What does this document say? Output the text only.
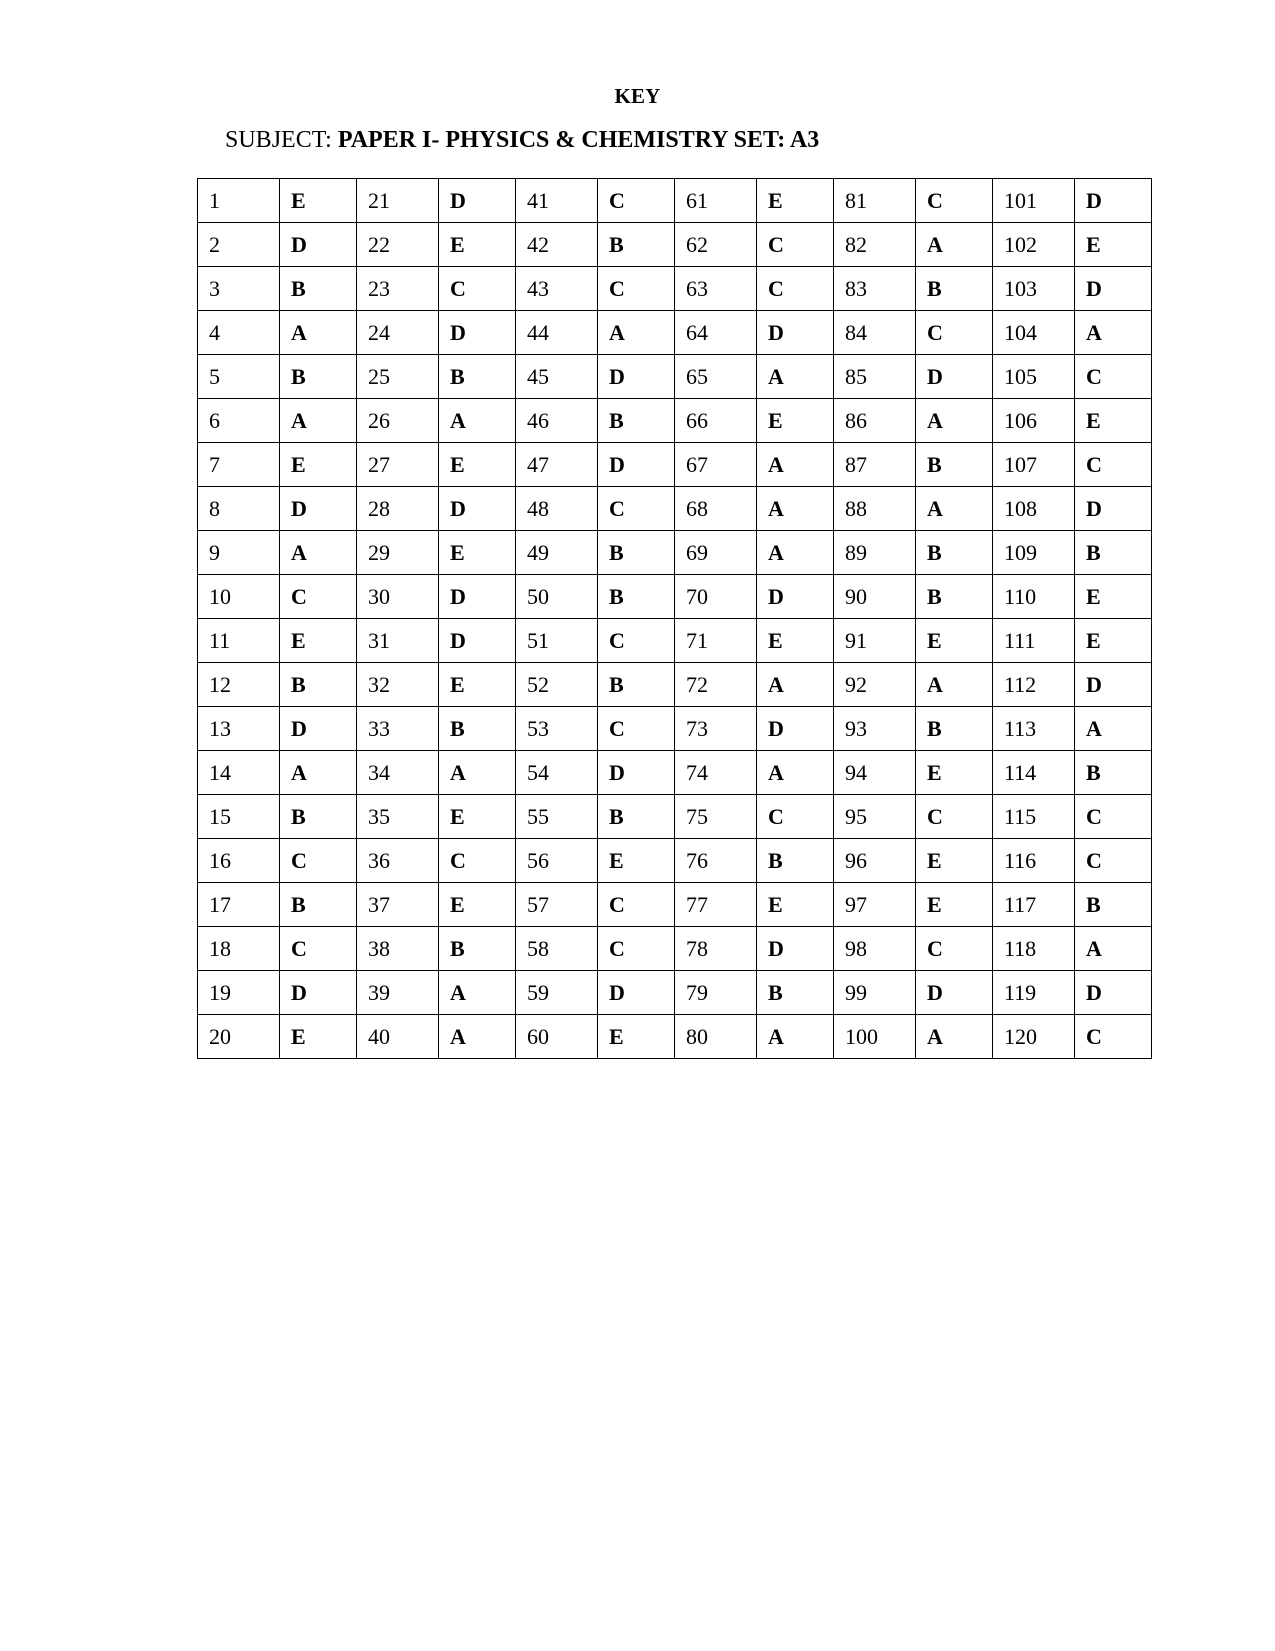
KEY
SUBJECT: PAPER I- PHYSICS & CHEMISTRY SET: A3
1	E	21	D	41	C	61	E	81	C	101	D
2	D	22	E	42	B	62	C	82	A	102	E
3	B	23	C	43	C	63	C	83	B	103	D
4	A	24	D	44	A	64	D	84	C	104	A
5	B	25	B	45	D	65	A	85	D	105	C
6	A	26	A	46	B	66	E	86	A	106	E
7	E	27	E	47	D	67	A	87	B	107	C
8	D	28	D	48	C	68	A	88	A	108	D
9	A	29	E	49	B	69	A	89	B	109	B
10	C	30	D	50	B	70	D	90	B	110	E
11	E	31	D	51	C	71	E	91	E	111	E
12	B	32	E	52	B	72	A	92	A	112	D
13	D	33	B	53	C	73	D	93	B	113	A
14	A	34	A	54	D	74	A	94	E	114	B
15	B	35	E	55	B	75	C	95	C	115	C
16	C	36	C	56	E	76	B	96	E	116	C
17	B	37	E	57	C	77	E	97	E	117	B
18	C	38	B	58	C	78	D	98	C	118	A
19	D	39	A	59	D	79	B	99	D	119	D
20	E	40	A	60	E	80	A	100	A	120	C
